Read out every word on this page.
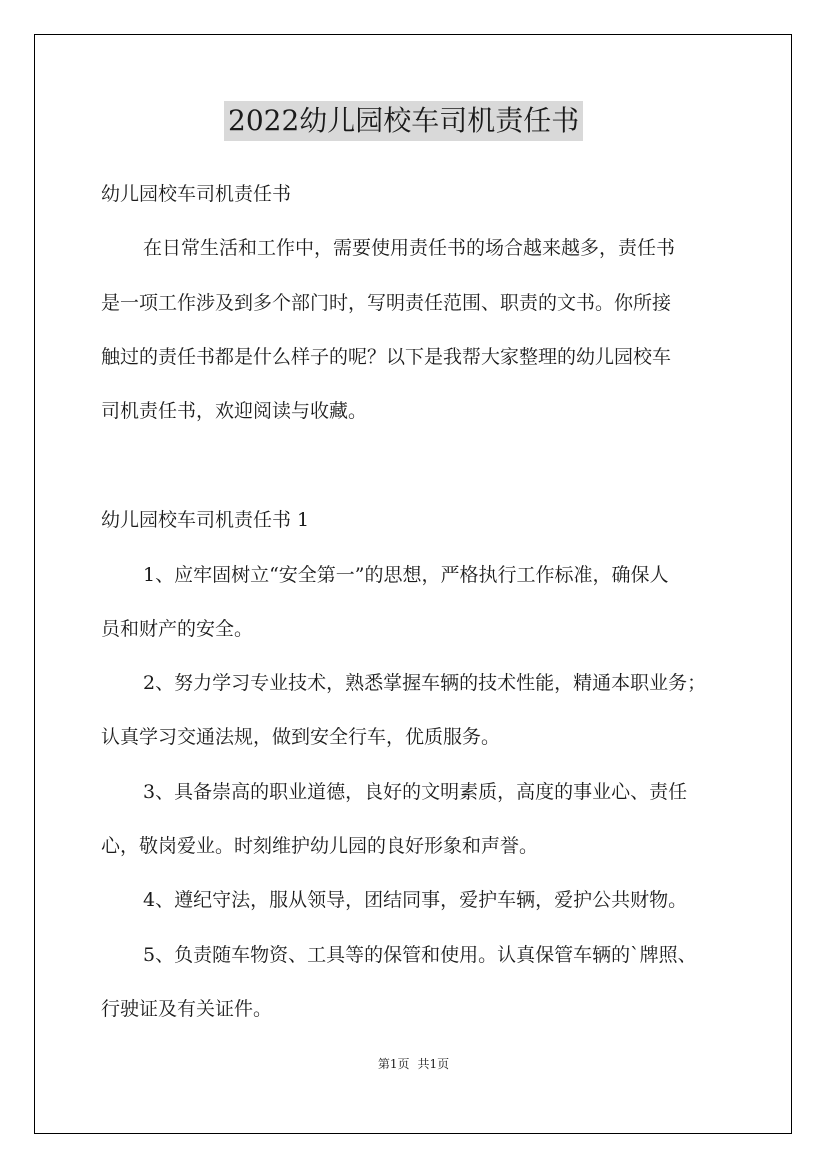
2022幼儿园校车司机责任书
幼儿园校车司机责任书
在日常生活和工作中，需要使用责任书的场合越来越多，责任书
是一项工作涉及到多个部门时，写明责任范围、职责的文书。你所接
触过的责任书都是什么样子的呢？以下是我帮大家整理的幼儿园校车
司机责任书，欢迎阅读与收藏。
幼儿园校车司机责任书 1
1、应牢固树立“安全第一”的思想，严格执行工作标准，确保人
员和财产的安全。
2、努力学习专业技术，熟悉掌握车辆的技术性能，精通本职业务；
认真学习交通法规，做到安全行车，优质服务。
3、具备崇高的职业道德，良好的文明素质，高度的事业心、责任
心，敬岗爱业。时刻维护幼儿园的良好形象和声誉。
4、遵纪守法，服从领导，团结同事，爱护车辆，爱护公共财物。
5、负责随车物资、工具等的保管和使用。认真保管车辆的`牌照、
行驶证及有关证件。
第1页 共1页
